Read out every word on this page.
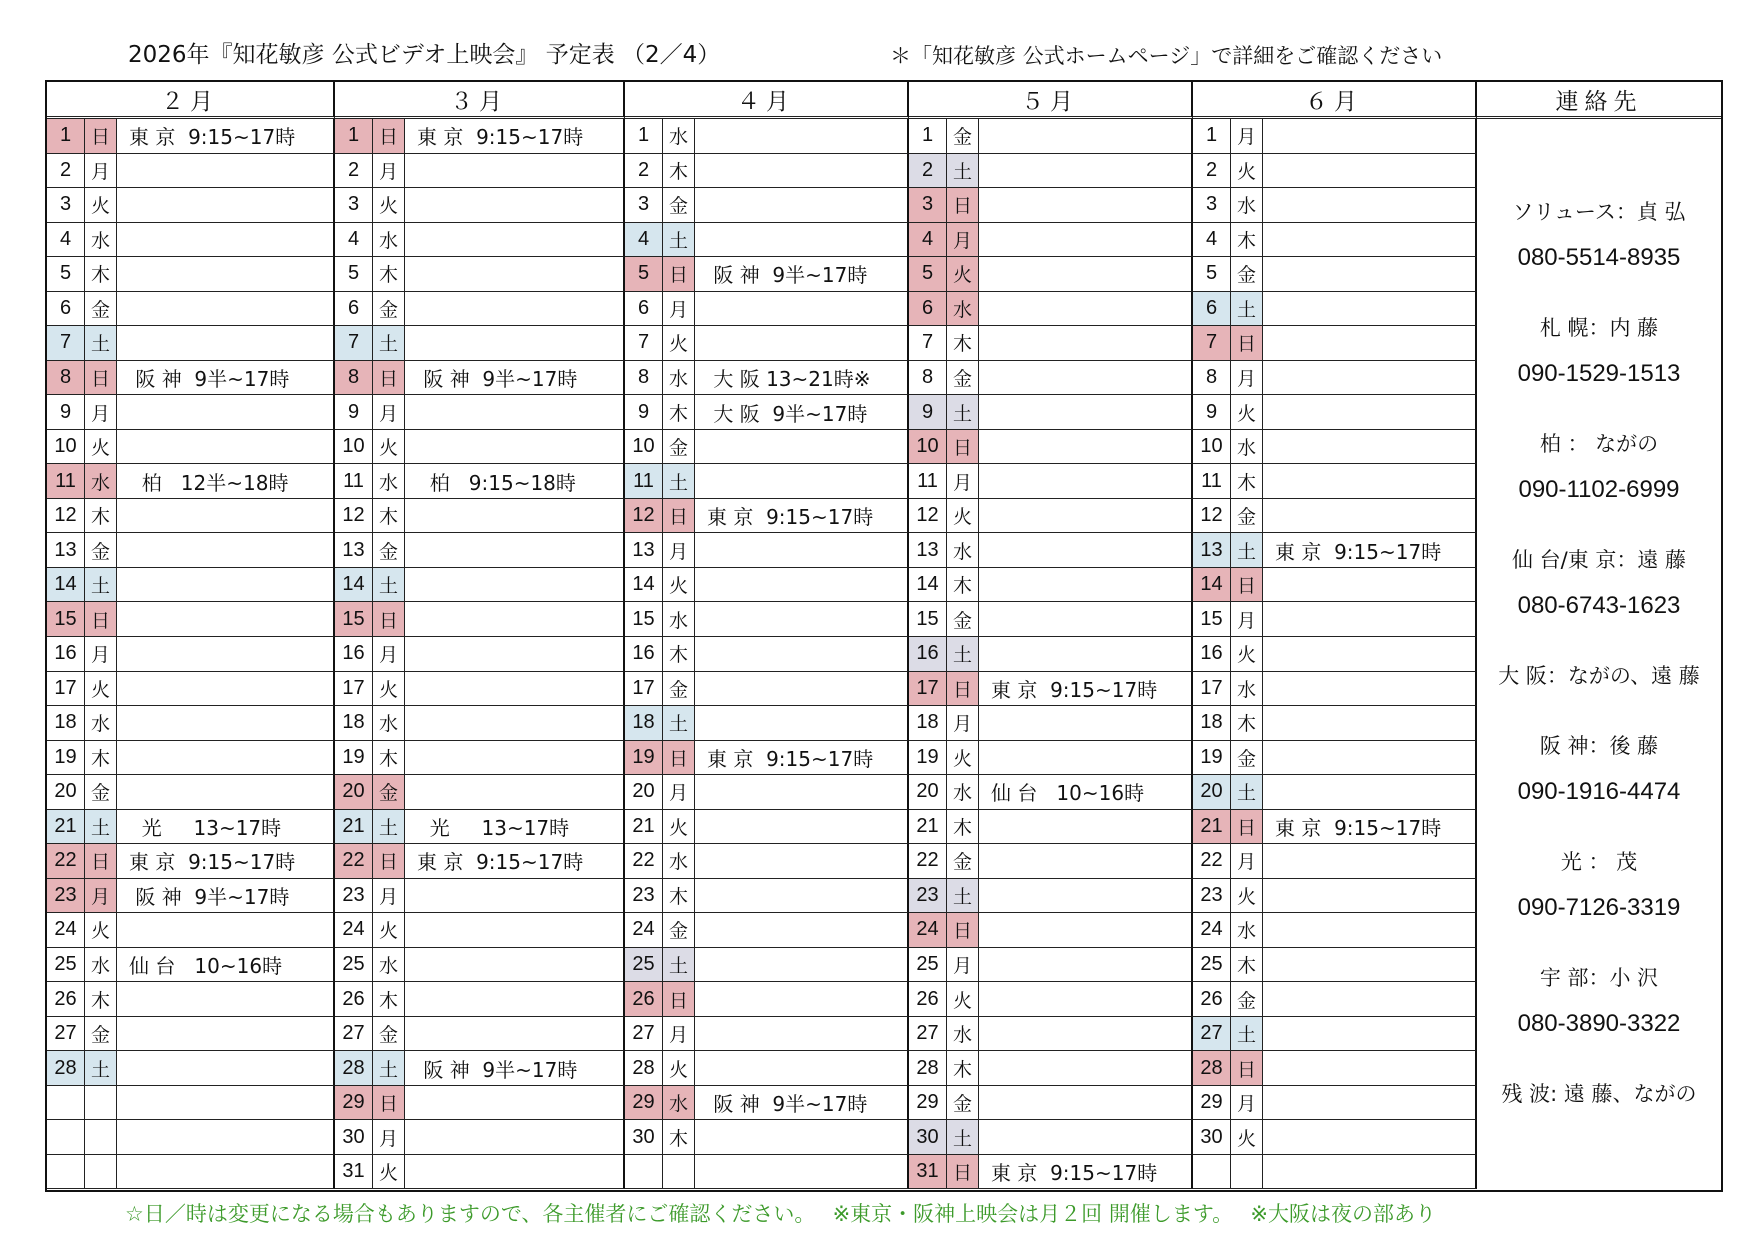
2026年『知花敏彦 公式ビデオ上映会』 予定表 （2／4）	＊「知花敏彦 公式ホームページ」で詳細をご確認ください
２月
1	日 東 京  9:15~17時
2	月
3	火
4	水
5	木
6	金
7	土
8	日 阪 神  9半~17時
9	月
10 火
11 水 柏   12半~18時
12 木
13 金
14 土
15 日
16 月
17 火
18 水
19 木
20 金
21 土 光     13~17時
22 日 東 京  9:15~17時
23 月 阪 神  9半~17時
24 火
25 水 仙 台   10~16時
26 木
27 金
28 土
３月
1	日 東 京  9:15~17時
2	月
3	火
4	水
5	木
6	金
7	土
8	日 阪 神  9半~17時
9	月
10 火
11 水 柏   9:15~18時
12 木
13 金
14 土
15 日
16 月
17 火
18 水
19 木
20 金
21 土 光     13~17時
22 日 東 京  9:15~17時
23 月
24 火
25 水
26 木
27 金
28 土 阪 神  9半~17時
29 日
30 月
31 火
４月
1	水
2	木
3	金
4	土
5	日 阪 神  9半~17時
6	月
7	火
8	水 大 阪 13~21時※
9	木 大 阪  9半~17時
10 金
11 土
12 日 東 京  9:15~17時
13 月
14 火
15 水
16 木
17 金
18 土
19 日 東 京  9:15~17時
20 月
21 火
22 水
23 木
24 金
25 土
26 日
27 月
28 火
29 水 阪 神  9半~17時
30 木
５月
1	金
2	土
3	日
4	月
5	火
6	水
7	木
8	金
9	土
10 日
11 月
12 火
13 水
14 木
15 金
16 土
17 日 東 京  9:15~17時
18 月
19 火
20 水 仙 台   10~16時
21 木
22 金
23 土
24 日
25 月
26 火
27 水
28 木
29 金
30 土
31 日 東 京  9:15~17時
６月
1	月
2	火
3	水
4	木
5	金
6	土
7	日
8	月
9	火
10 水
11 木
12 金
13 土 東 京  9:15~17時
14 日
15 月
16 火
17 水
18 木
19 金
20 土
21 日 東 京  9:15~17時
22 月
23 火
24 水
25 木
26 金
27 土
28 日
29 月
30 火
連絡先
ソリュース：貞 弘
080-5514-8935
札 幌：内 藤
090-1529-1513
柏 ： ながの
090-1102-6999
仙 台/東 京：遠 藤
080-6743-1623
大 阪：ながの、遠 藤
阪 神：後 藤
090-1916-4474
光 ： 茂
090-7126-3319
宇 部：小 沢
080-3890-3322
残 波: 遠 藤、ながの
☆日／時は変更になる場合もありますので、各主催者にご確認ください。　 ※東京・阪神上映会は月２回 開催します。　 ※大阪は夜の部あり
